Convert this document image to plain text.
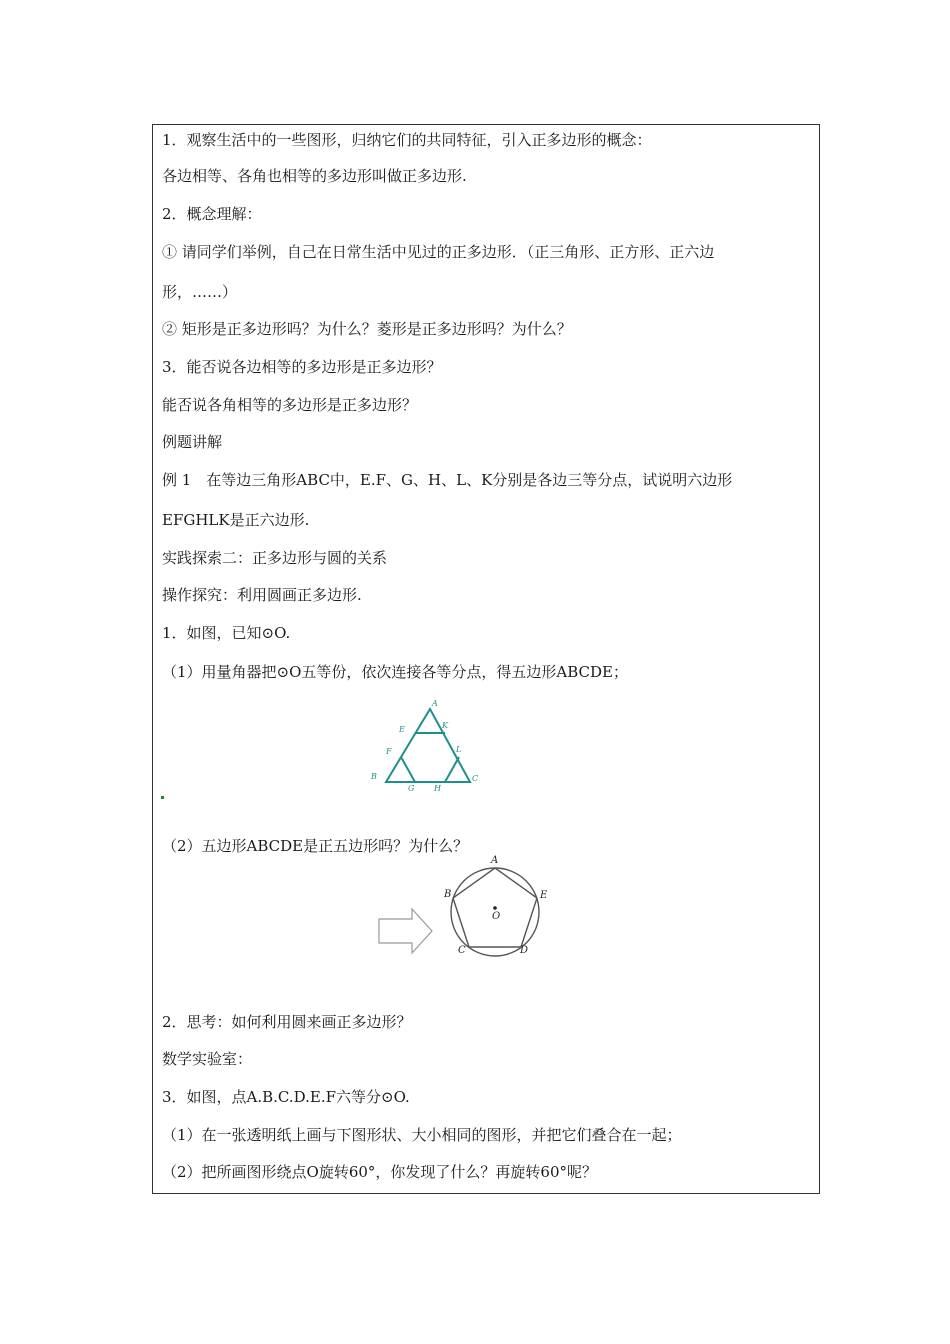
1．观察生活中的一些图形，归纳它们的共同特征，引入正多边形的概念：
各边相等、各角也相等的多边形叫做正多边形.
2．概念理解：
① 请同学们举例，自己在日常生活中见过的正多边形．（正三角形、正方形、正六边
形，……）
② 矩形是正多边形吗？为什么？菱形是正多边形吗？为什么？
3．能否说各边相等的多边形是正多边形？
能否说各角相等的多边形是正多边形？
例题讲解
例 1　在等边三角形ABC中，E.F、G、H、L、K分别是各边三等分点，试说明六边形
EFGHLK是正六边形.
实践探索二：正多边形与圆的关系
操作探究：利用圆画正多边形.
1．如图，已知⊙O.
（1）用量角器把⊙O五等份，依次连接各等分点，得五边形ABCDE；
A
E	K
F	L
B	C
G H
（2）五边形ABCDE是正五边形吗？为什么？
A
B	E
C	D
O
2．思考：如何利用圆来画正多边形？
数学实验室：
3．如图，点A.B.C.D.E.F六等分⊙O.
（1）在一张透明纸上画与下图形状、大小相同的图形，并把它们叠合在一起；
（2）把所画图形绕点O旋转60°，你发现了什么？再旋转60°呢？
